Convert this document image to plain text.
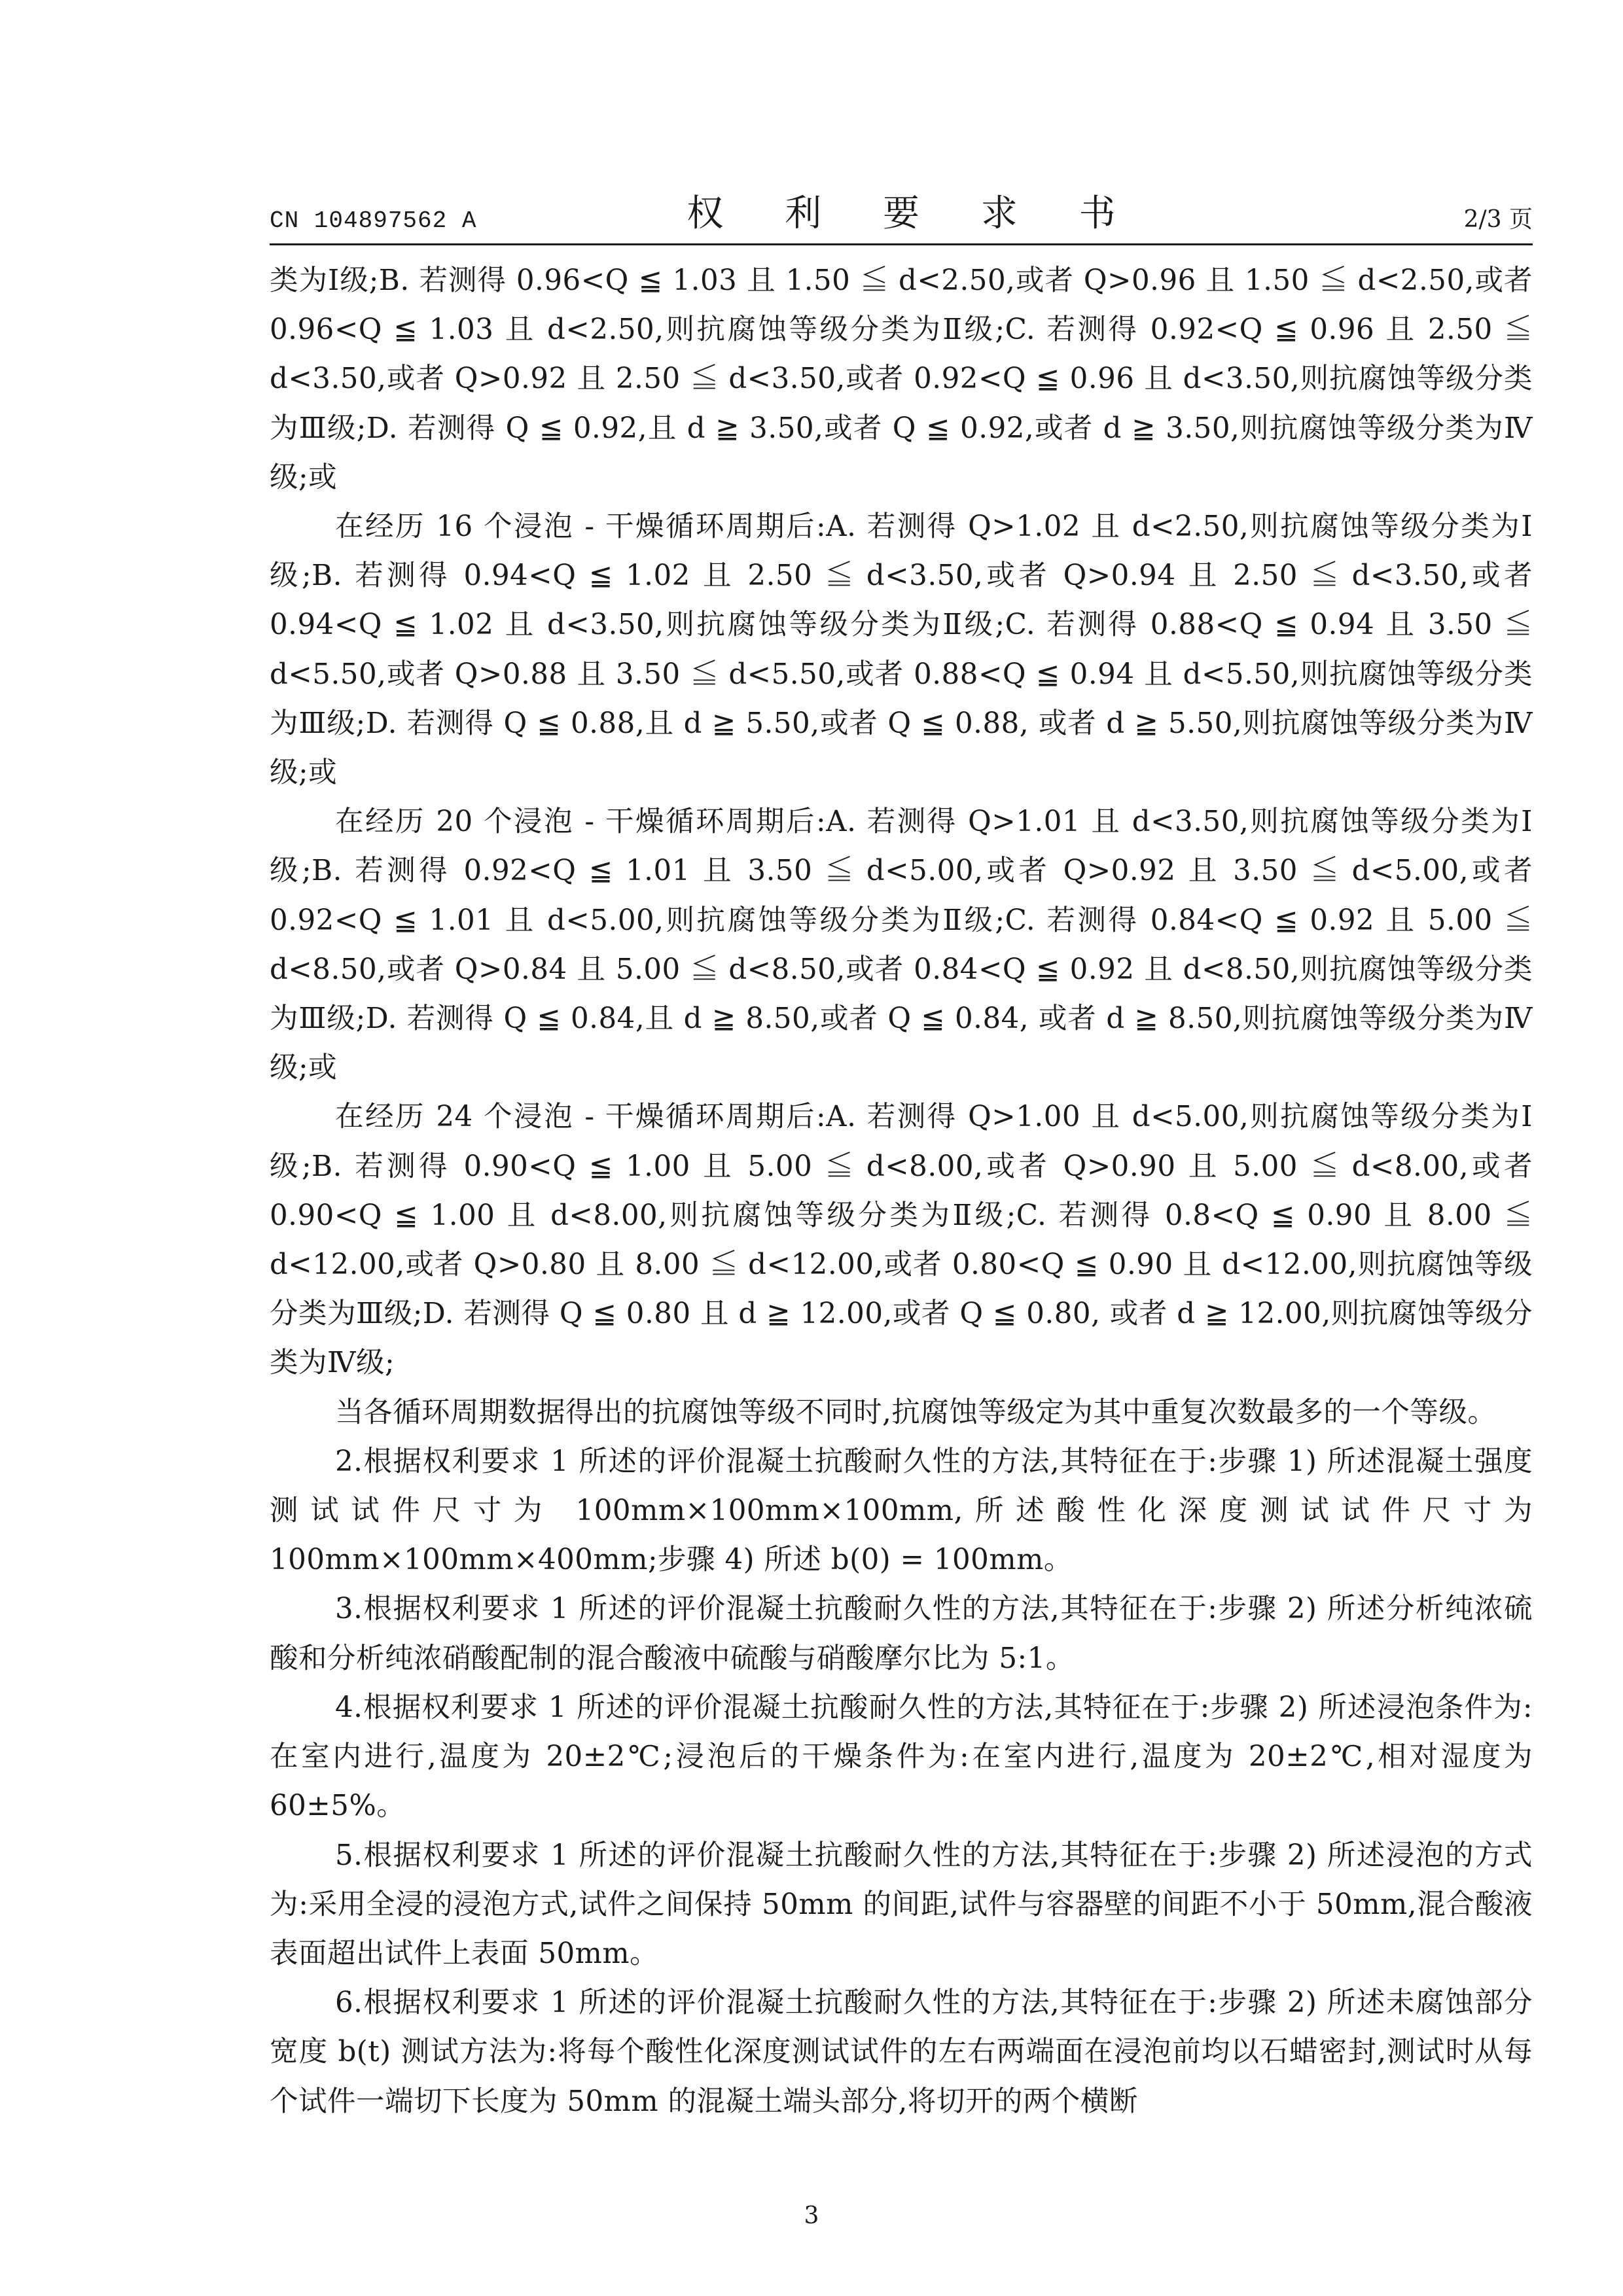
CN 104897562 A	权 利 要 求 书	2/3 页

类为Ⅰ级;B. 若测得 0.96<Q ≦ 1.03 且 1.50 ≦ d<2.50,或者 Q>0.96 且 1.50 ≦ d<2.50,或者 0.96<Q ≦ 1.03 且 d<2.50,则抗腐蚀等级分类为Ⅱ级;C. 若测得 0.92<Q ≦ 0.96 且 2.50 ≦ d<3.50,或者 Q>0.92 且 2.50 ≦ d<3.50,或者 0.92<Q ≦ 0.96 且 d<3.50,则抗腐蚀等级分类为Ⅲ级;D. 若测得 Q ≦ 0.92,且 d ≧ 3.50,或者 Q ≦ 0.92,或者 d ≧ 3.50,则抗腐蚀等级分类为Ⅳ级;或

在经历 16 个浸泡 - 干燥循环周期后:A. 若测得 Q>1.02 且 d<2.50,则抗腐蚀等级分类为Ⅰ级;B. 若测得 0.94<Q ≦ 1.02 且 2.50 ≦ d<3.50,或者 Q>0.94 且 2.50 ≦ d<3.50,或者 0.94<Q ≦ 1.02 且 d<3.50,则抗腐蚀等级分类为Ⅱ级;C. 若测得 0.88<Q ≦ 0.94 且 3.50 ≦ d<5.50,或者 Q>0.88 且 3.50 ≦ d<5.50,或者 0.88<Q ≦ 0.94 且 d<5.50,则抗腐蚀等级分类为Ⅲ级;D. 若测得 Q ≦ 0.88,且 d ≧ 5.50,或者 Q ≦ 0.88, 或者 d ≧ 5.50,则抗腐蚀等级分类为Ⅳ级;或

在经历 20 个浸泡 - 干燥循环周期后:A. 若测得 Q>1.01 且 d<3.50,则抗腐蚀等级分类为Ⅰ级;B. 若测得 0.92<Q ≦ 1.01 且 3.50 ≦ d<5.00,或者 Q>0.92 且 3.50 ≦ d<5.00,或者 0.92<Q ≦ 1.01 且 d<5.00,则抗腐蚀等级分类为Ⅱ级;C. 若测得 0.84<Q ≦ 0.92 且 5.00 ≦ d<8.50,或者 Q>0.84 且 5.00 ≦ d<8.50,或者 0.84<Q ≦ 0.92 且 d<8.50,则抗腐蚀等级分类为Ⅲ级;D. 若测得 Q ≦ 0.84,且 d ≧ 8.50,或者 Q ≦ 0.84, 或者 d ≧ 8.50,则抗腐蚀等级分类为Ⅳ级;或

在经历 24 个浸泡 - 干燥循环周期后:A. 若测得 Q>1.00 且 d<5.00,则抗腐蚀等级分类为Ⅰ级;B. 若测得 0.90<Q ≦ 1.00 且 5.00 ≦ d<8.00,或者 Q>0.90 且 5.00 ≦ d<8.00,或者 0.90<Q ≦ 1.00 且 d<8.00,则抗腐蚀等级分类为Ⅱ级;C. 若测得 0.8<Q ≦ 0.90 且 8.00 ≦ d<12.00,或者 Q>0.80 且 8.00 ≦ d<12.00,或者 0.80<Q ≦ 0.90 且 d<12.00,则抗腐蚀等级分类为Ⅲ级;D. 若测得 Q ≦ 0.80 且 d ≧ 12.00,或者 Q ≦ 0.80, 或者 d ≧ 12.00,则抗腐蚀等级分类为Ⅳ级;

当各循环周期数据得出的抗腐蚀等级不同时,抗腐蚀等级定为其中重复次数最多的一个等级。

2.根据权利要求 1 所述的评价混凝土抗酸耐久性的方法,其特征在于:步骤 1) 所述混凝土强度测试试件尺寸为 100mm×100mm×100mm,所述酸性化深度测试试件尺寸为 100mm×100mm×400mm;步骤 4) 所述 b(0) = 100mm。

3.根据权利要求 1 所述的评价混凝土抗酸耐久性的方法,其特征在于:步骤 2) 所述分析纯浓硫酸和分析纯浓硝酸配制的混合酸液中硫酸与硝酸摩尔比为 5:1。

4.根据权利要求 1 所述的评价混凝土抗酸耐久性的方法,其特征在于:步骤 2) 所述浸泡条件为:在室内进行,温度为 20±2℃;浸泡后的干燥条件为:在室内进行,温度为 20±2℃,相对湿度为 60±5%。

5.根据权利要求 1 所述的评价混凝土抗酸耐久性的方法,其特征在于:步骤 2) 所述浸泡的方式为:采用全浸的浸泡方式,试件之间保持 50mm 的间距,试件与容器壁的间距不小于 50mm,混合酸液表面超出试件上表面 50mm。

6.根据权利要求 1 所述的评价混凝土抗酸耐久性的方法,其特征在于:步骤 2) 所述未腐蚀部分宽度 b(t) 测试方法为:将每个酸性化深度测试试件的左右两端面在浸泡前均以石蜡密封,测试时从每个试件一端切下长度为 50mm 的混凝土端头部分,将切开的两个横断

3
